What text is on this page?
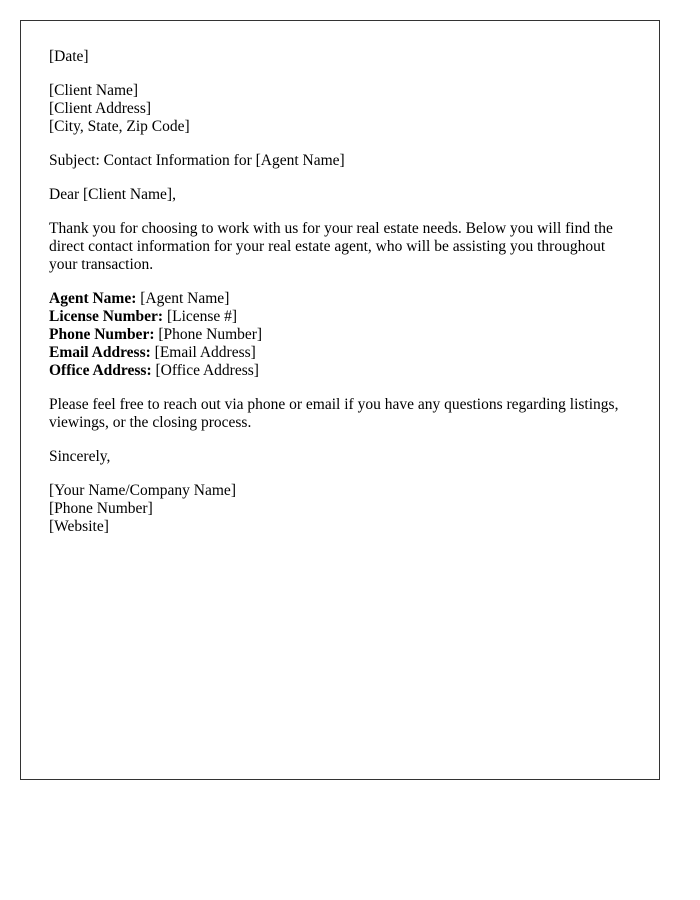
[Date]

[Client Name]
[Client Address]
[City, State, Zip Code]

Subject: Contact Information for [Agent Name]

Dear [Client Name],

Thank you for choosing to work with us for your real estate needs. Below you will find the direct contact information for your real estate agent, who will be assisting you throughout your transaction.

Agent Name: [Agent Name]
License Number: [License #]
Phone Number: [Phone Number]
Email Address: [Email Address]
Office Address: [Office Address]

Please feel free to reach out via phone or email if you have any questions regarding listings, viewings, or the closing process.

Sincerely,

[Your Name/Company Name]
[Phone Number]
[Website]
